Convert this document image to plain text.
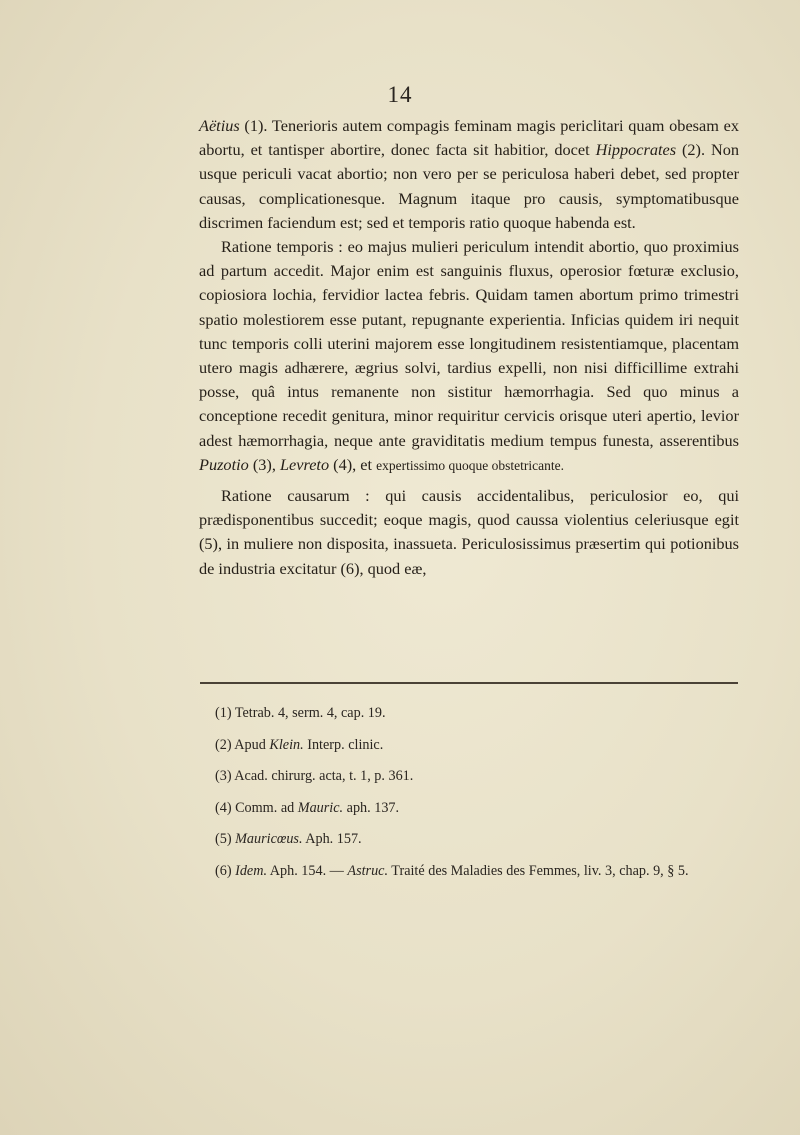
14

Aëtius (1). Tenerioris autem compagis feminam magis periclitari quam obesam ex abortu, et tantisper abortire, donec facta sit habitior, docet Hippocrates (2). Non usque periculi vacat abortio; non vero per se periculosa haberi debet, sed propter causas, complicationesque. Magnum itaque pro causis, symptomatibusque discrimen faciendum est; sed et temporis ratio quoque habenda est.

Ratione temporis : eo majus mulieri periculum intendit abortio, quo proximius ad partum accedit. Major enim est sanguinis fluxus, operosior fœturæ exclusio, copiosiora lochia, fervidior lactea febris. Quidam tamen abortum primo trimestri spatio molestiorem esse putant, repugnante experientia. Inficias quidem iri nequit tunc temporis colli uterini majorem esse longitudinem resistentiamque, placentam utero magis adhærere, ægrius solvi, tardius expelli, non nisi difficillime extrahi posse, quâ intus remanente non sistitur hæmorrhagia. Sed quo minus a conceptione recedit genitura, minor requiritur cervicis orisque uteri apertio, levior adest hæmorrhagia, neque ante graviditatis medium tempus funesta, asserentibus Puzotio (3), Levreto (4), et expertissimo quoque obstetricante.

Ratione causarum : qui causis accidentalibus, periculosior eo, qui prædisponentibus succedit; eoque magis, quod caussa violentius celeriusque egit (5), in muliere non disposita, inassueta. Periculosissimus præsertim qui potionibus de industria excitatur (6), quod eæ,

(1) Tetrab. 4, serm. 4, cap. 19.
(2) Apud Klein. Interp. clinic.
(3) Acad. chirurg. acta, t. 1, p. 361.
(4) Comm. ad Mauric. aph. 137.
(5) Mauricœus. Aph. 157.
(6) Idem. Aph. 154. — Astruc. Traité des Maladies des Femmes, liv. 3, chap. 9, § 5.
